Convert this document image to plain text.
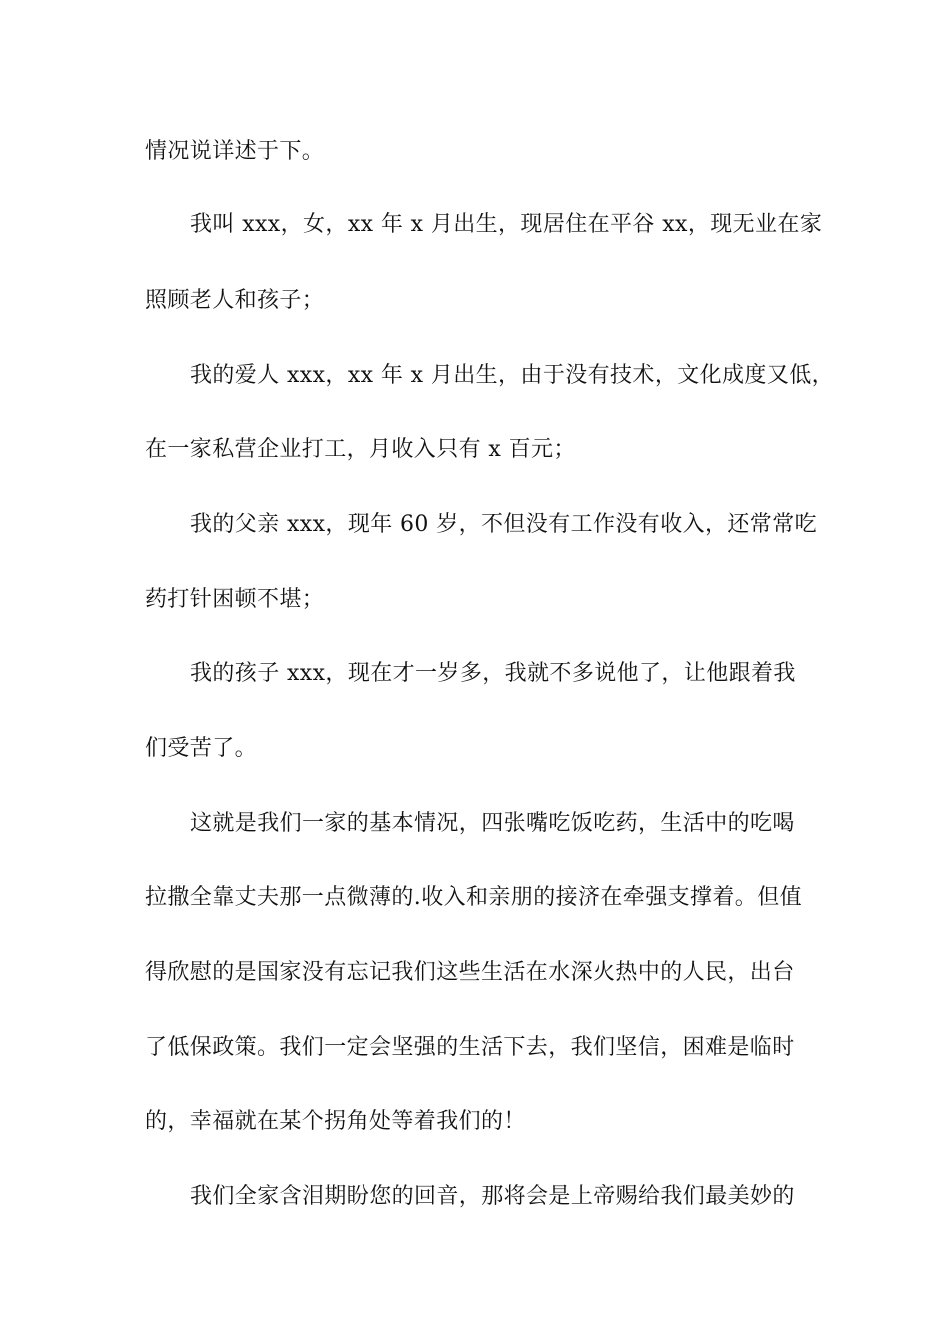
情况说详述于下。
我叫 xxx，女，xx 年 x 月出生，现居住在平谷 xx，现无业在家
照顾老人和孩子；
我的爱人 xxx，xx 年 x 月出生，由于没有技术，文化成度又低，
在一家私营企业打工，月收入只有 x 百元；
我的父亲 xxx，现年 60 岁，不但没有工作没有收入，还常常吃
药打针困顿不堪；
我的孩子 xxx，现在才一岁多，我就不多说他了，让他跟着我
们受苦了。
这就是我们一家的基本情况，四张嘴吃饭吃药，生活中的吃喝
拉撒全靠丈夫那一点微薄的.收入和亲朋的接济在牵强支撑着。但值
得欣慰的是国家没有忘记我们这些生活在水深火热中的人民，出台
了低保政策。我们一定会坚强的生活下去，我们坚信，困难是临时
的，幸福就在某个拐角处等着我们的！
我们全家含泪期盼您的回音，那将会是上帝赐给我们最美妙的
